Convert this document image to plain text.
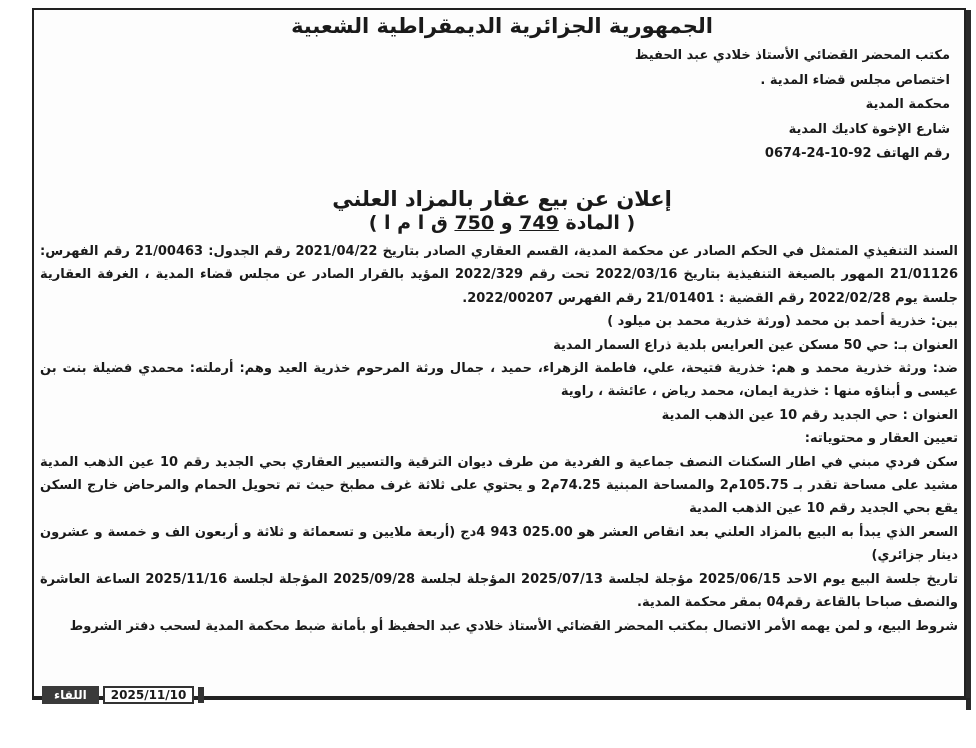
الجمهورية الجزائرية الديمقراطية الشعبية
مكتب المحضر القضائي الأستاذ خلادي عبد الحفيظ
اختصاص مجلس قضاء المدية .
محكمة المدية
شارع الإخوة كاديك المدية
رقم الهاتف 92-10-24-0674
إعلان عن بيع عقار بالمزاد العلني
( المادة 749 و 750 ق ا م ا )

السند التنفيذي المتمثل في الحكم الصادر عن محكمة المدية، القسم العقاري الصادر بتاريخ 2021/04/22 رقم الجدول: 21/00463 رقم الفهرس: 21/01126 المهور بالصيغة التنفيذية بتاريخ 2022/03/16 تحت رقم 2022/329 المؤيد بالقرار الصادر عن مجلس قضاء المدية ، الغرفة العقارية جلسة يوم 2022/02/28 رقم القضية : 21/01401 رقم الفهرس 2022/00207.

بين: خذرية أحمد بن محمد (ورثة خذرية محمد بن ميلود )

العنوان بـ: حي 50 مسكن عين العرايس بلدية ذراع السمار المدية

ضد: ورثة خذرية محمد و هم: خذرية فتيحة، علي، فاطمة الزهراء، حميد ، جمال ورثة المرحوم خذرية العيد وهم: أرملته: محمدي فضيلة بنت بن عيسى و أبناؤه منها : خذرية ايمان، محمد رياض ، عائشة ، راوية

العنوان : حي الجديد رقم 10 عين الذهب المدية

تعيين العقار و محتوياته:

سكن فردي مبني في اطار السكنات النصف جماعية و الفردية من طرف ديوان الترقية والتسيير العقاري بحي الجديد رقم 10 عين الذهب المدية مشيد على مساحة تقدر بـ 105.75م2 والمساحة المبنية 74.25م2 و يحتوي على ثلاثة غرف مطبخ حيث تم تحويل الحمام والمرحاض خارج السكن يقع بحي الجديد رقم 10 عين الذهب المدية

السعر الذي يبدأ به البيع بالمزاد العلني بعد انقاص العشر هو 025.00 943 4دج (أربعة ملايين و تسعمائة و ثلاثة و أربعون الف و خمسة و عشرون دينار جزائري)

تاريخ جلسة البيع يوم الاحد 2025/06/15 مؤجلة لجلسة 2025/07/13 المؤجلة لجلسة 2025/09/28 المؤجلة لجلسة 2025/11/16 الساعة العاشرة والنصف صباحا بالقاعة رقم04 بمقر محكمة المدية.

شروط البيع، و لمن يهمه الأمر الاتصال بمكتب المحضر القضائي الأستاذ خلادي عبد الحفيظ أو بأمانة ضبط محكمة المدية لسحب دفتر الشروط

اللقاء	2025/11/10
